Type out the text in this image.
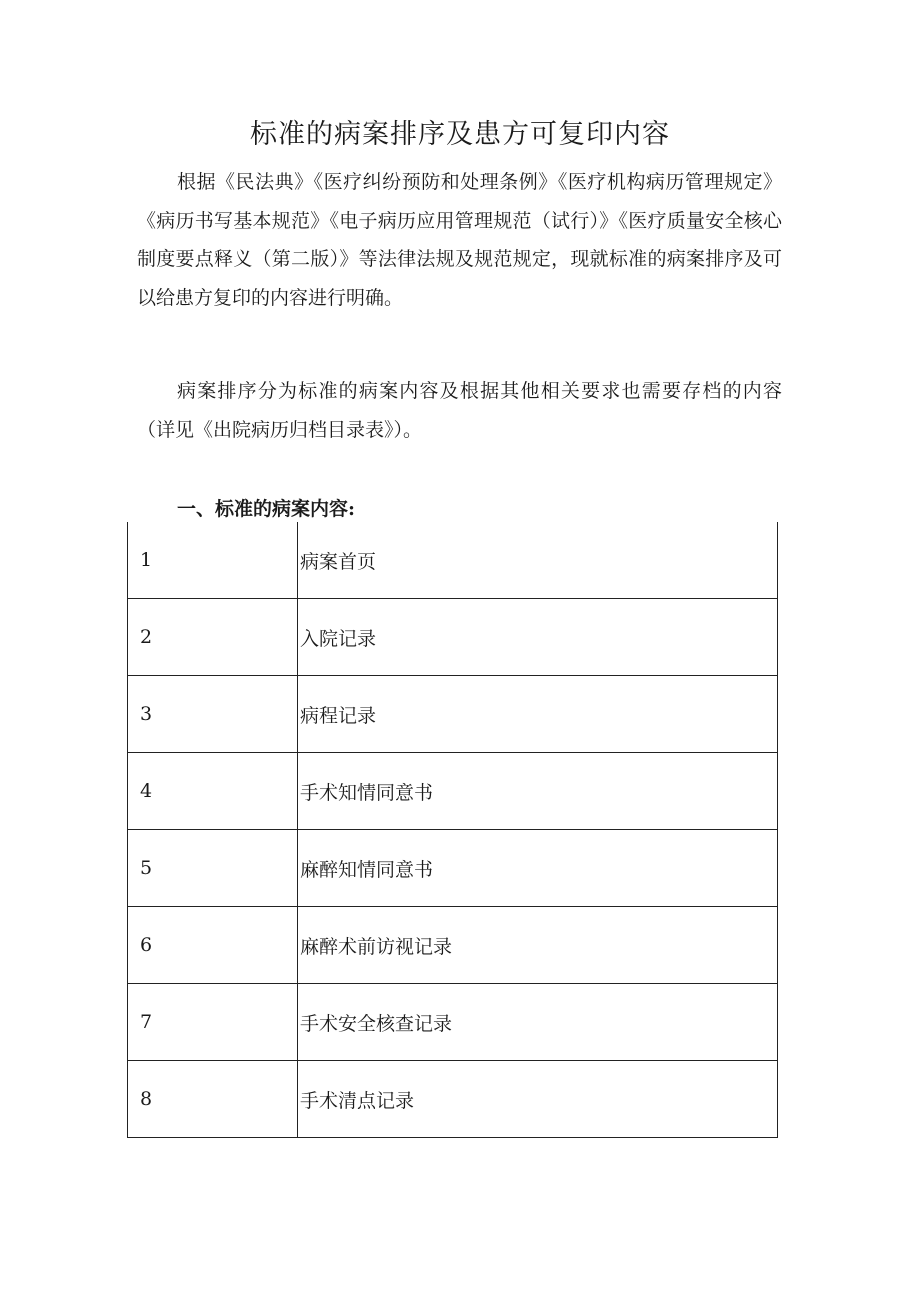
标准的病案排序及患方可复印内容

根据《民法典》《医疗纠纷预防和处理条例》《医疗机构病历管理规定》《病历书写基本规范》《电子病历应用管理规范（试行）》《医疗质量安全核心制度要点释义（第二版）》等法律法规及规范规定，现就标准的病案排序及可以给患方复印的内容进行明确。

病案排序分为标准的病案内容及根据其他相关要求也需要存档的内容（详见《出院病历归档目录表》）。

一、标准的病案内容:
1	病案首页
2	入院记录
3	病程记录
4	手术知情同意书
5	麻醉知情同意书
6	麻醉术前访视记录
7	手术安全核查记录
8	手术清点记录
